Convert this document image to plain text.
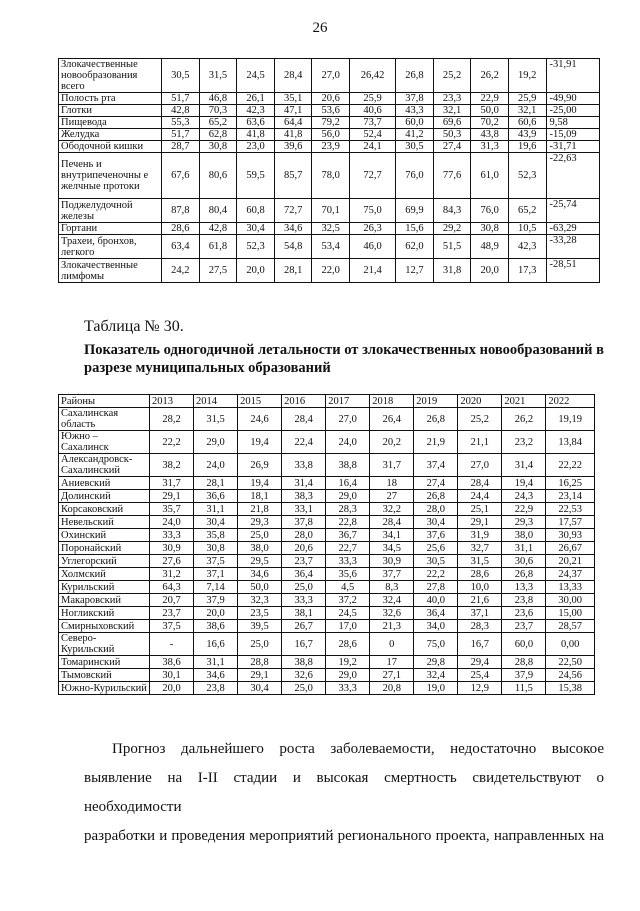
26
Злокачественные новообразования всего	30,5	31,5	24,5	28,4	27,0	26,42	26,8	25,2	26,2	19,2	-31,91
Полость рта	51,7	46,8	26,1	35,1	20,6	25,9	37,8	23,3	22,9	25,9	-49,90
Глотки	42,8	70,3	42,3	47,1	53,6	40,6	43,3	32,1	50,0	32,1	-25,00
Пищевода	55,3	65,2	63,6	64,4	79,2	73,7	60,0	69,6	70,2	60,6	9,58
Желудка	51,7	62,8	41,8	41,8	56,0	52,4	41,2	50,3	43,8	43,9	-15,09
Ободочной кишки	28,7	30,8	23,0	39,6	23,9	24,1	30,5	27,4	31,3	19,6	-31,71
Печень и внутрипеченочны е желчные протоки	67,6	80,6	59,5	85,7	78,0	72,7	76,0	77,6	61,0	52,3	-22,63
Поджелудочной железы	87,8	80,4	60,8	72,7	70,1	75,0	69,9	84,3	76,0	65,2	-25,74
Гортани	28,6	42,8	30,4	34,6	32,5	26,3	15,6	29,2	30,8	10,5	-63,29
Трахеи, бронхов, легкого	63,4	61,8	52,3	54,8	53,4	46,0	62,0	51,5	48,9	42,3	-33,28
Злокачественные лимфомы	24,2	27,5	20,0	28,1	22,0	21,4	12,7	31,8	20,0	17,3	-28,51
Таблица № 30.
Показатель одногодичной летальности от злокачественных новообразований в разрезе муниципальных образований
Районы	2013	2014	2015	2016	2017	2018	2019	2020	2021	2022
Сахалинская область	28,2	31,5	24,6	28,4	27,0	26,4	26,8	25,2	26,2	19,19
Южно – Сахалинск	22,2	29,0	19,4	22,4	24,0	20,2	21,9	21,1	23,2	13,84
Александровск-Сахалинский	38,2	24,0	26,9	33,8	38,8	31,7	37,4	27,0	31,4	22,22
Аниевский	31,7	28,1	19,4	31,4	16,4	18	27,4	28,4	19,4	16,25
Долинский	29,1	36,6	18,1	38,3	29,0	27	26,8	24,4	24,3	23,14
Корсаковский	35,7	31,1	21,8	33,1	28,3	32,2	28,0	25,1	22,9	22,53
Невельский	24,0	30,4	29,3	37,8	22,8	28,4	30,4	29,1	29,3	17,57
Охинский	33,3	35,8	25,0	28,0	36,7	34,1	37,6	31,9	38,0	30,93
Поронайский	30,9	30,8	38,0	20,6	22,7	34,5	25,6	32,7	31,1	26,67
Углегорский	27,6	37,5	29,5	23,7	33,3	30,9	30,5	31,5	30,6	20,21
Холмский	31,2	37,1	34,6	36,4	35,6	37,7	22,2	28,6	26,8	24,37
Курильский	64,3	7,14	50,0	25,0	4,5	8,3	27,8	10,0	13,3	13,33
Макаровский	20,7	37,9	32,3	33,3	37,2	32,4	40,0	21,6	23,8	30,00
Ногликский	23,7	20,0	23,5	38,1	24,5	32,6	36,4	37,1	23,6	15,00
Смирныховский	37,5	38,6	39,5	26,7	17,0	21,3	34,0	28,3	23,7	28,57
Северо-Курильский	-	16,6	25,0	16,7	28,6	0	75,0	16,7	60,0	0,00
Томаринский	38,6	31,1	28,8	38,8	19,2	17	29,8	29,4	28,8	22,50
Тымовский	30,1	34,6	29,1	32,6	29,0	27,1	32,4	25,4	37,9	24,56
Южно-Курильский	20,0	23,8	30,4	25,0	33,3	20,8	19,0	12,9	11,5	15,38

Прогноз дальнейшего роста заболеваемости, недостаточно высокое

выявление на I-II стадии и высокая смертность свидетельствуют о необходимости

разработки и проведения мероприятий регионального проекта, направленных на
